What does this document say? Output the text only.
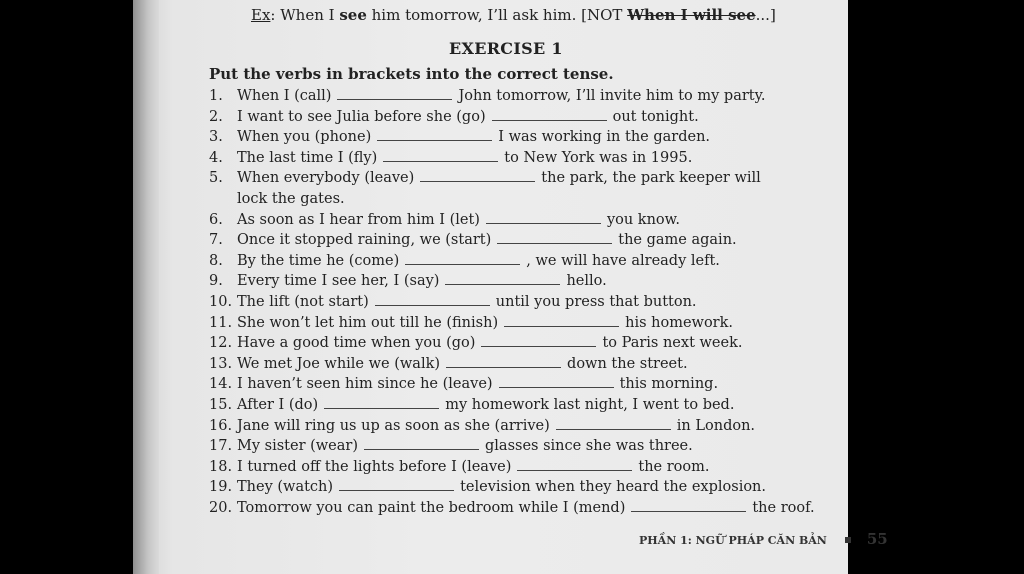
Ex: When I see him tomorrow, I’ll ask him. [NOT When I will see...]
EXERCISE 1
Put the verbs in brackets into the correct tense.
1. When I (call)	John tomorrow, I’ll invite him to my party.
2. I want to see Julia before she (go)	out tonight.
3. When you (phone)	I was working in the garden.
4. The last time I (fly)	to New York was in 1995.
5. When everybody (leave)	the park, the park keeper will
lock the gates.
6. As soon as I hear from him I (let)	you know.
7. Once it stopped raining, we (start)	the game again.
8. By the time he (come)	, we will have already left.
9. Every time I see her, I (say)	hello.
10. The lift (not start)	until you press that button.
11. She won’t let him out till he (finish)	his homework.
12. Have a good time when you (go)	to Paris next week.
13. We met Joe while we (walk)	down the street.
14. I haven’t seen him since he (leave)	this morning.
15. After I (do)	my homework last night, I went to bed.
16. Jane will ring us up as soon as she (arrive)	in London.
17. My sister (wear)	glasses since she was three.
18. I turned off the lights before I (leave)	the room.
19. They (watch)	television when they heard the explosion.
20. Tomorrow you can paint the bedroom while I (mend)	the roof.
PHẦN 1: NGỮ PHÁP CĂN BẢN	55
